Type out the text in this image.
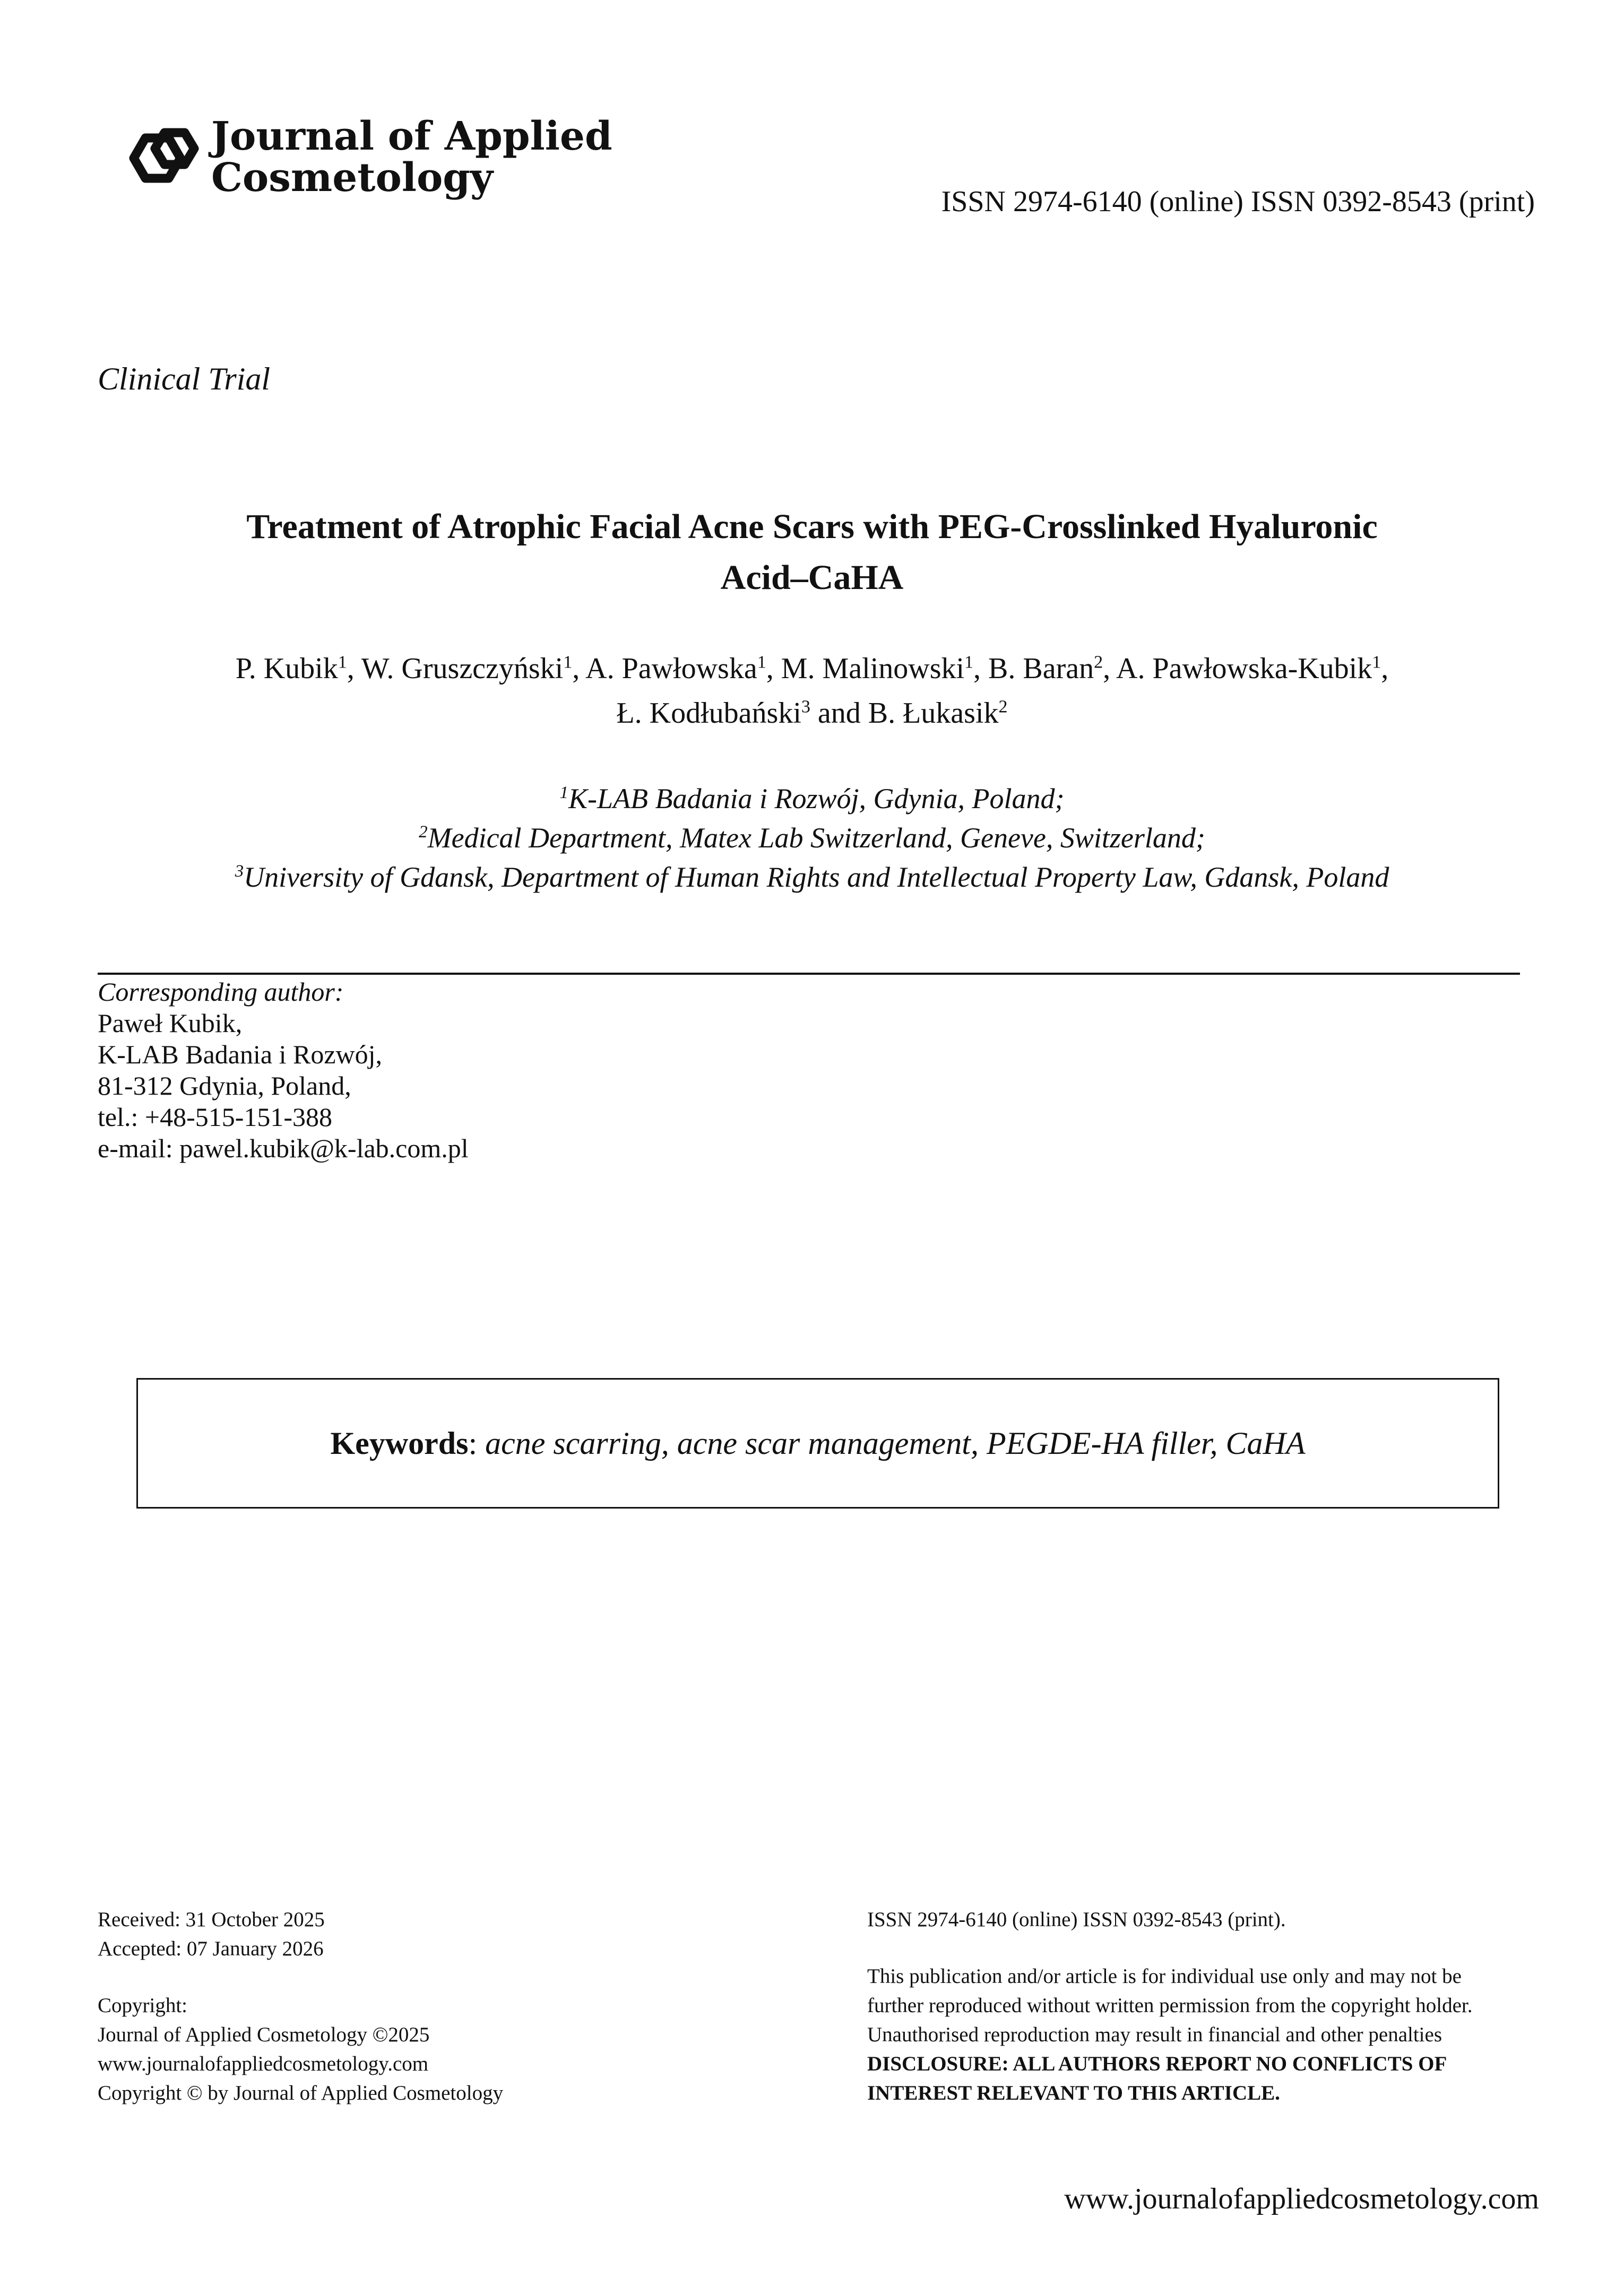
Journal of Applied
Cosmetology
ISSN 2974-6140 (online) ISSN 0392-8543 (print)
Clinical Trial
Treatment of Atrophic Facial Acne Scars with PEG-Crosslinked Hyaluronic
Acid–CaHA
P. Kubik$^1$, W. Gruszczyński$^1$, A. Pawłowska$^1$, M. Malinowski$^1$, B. Baran$^2$, A. Pawłowska-Kubik$^1$,
Ł. Kodłubański$^3$ and B. Łukasik$^2$
$^1$K-LAB Badania i Rozwój, Gdynia, Poland;
$^2$Medical Department, Matex Lab Switzerland, Geneve, Switzerland;
$^3$University of Gdansk, Department of Human Rights and Intellectual Property Law, Gdansk, Poland
Corresponding author:
Paweł Kubik,
K-LAB Badania i Rozwój,
81-312 Gdynia, Poland,
tel.: +48-515-151-388
e-mail: pawel.kubik@k-lab.com.pl
Keywords : acne scarring, acne scar management, PEGDE-HA filler, CaHA
Received: 31 October 2025
Accepted: 07 January 2026
Copyright:
Journal of Applied Cosmetology ©2025
www.journalofappliedcosmetology.com
Copyright © by Journal of Applied Cosmetology
ISSN 2974-6140 (online) ISSN 0392-8543 (print).
This publication and/or article is for individual use only and may not be
further reproduced without written permission from the copyright holder.
Unauthorised reproduction may result in financial and other penalties
DISCLOSURE: ALL AUTHORS REPORT NO CONFLICTS OF
INTEREST RELEVANT TO THIS ARTICLE.
www.journalofappliedcosmetology.com
